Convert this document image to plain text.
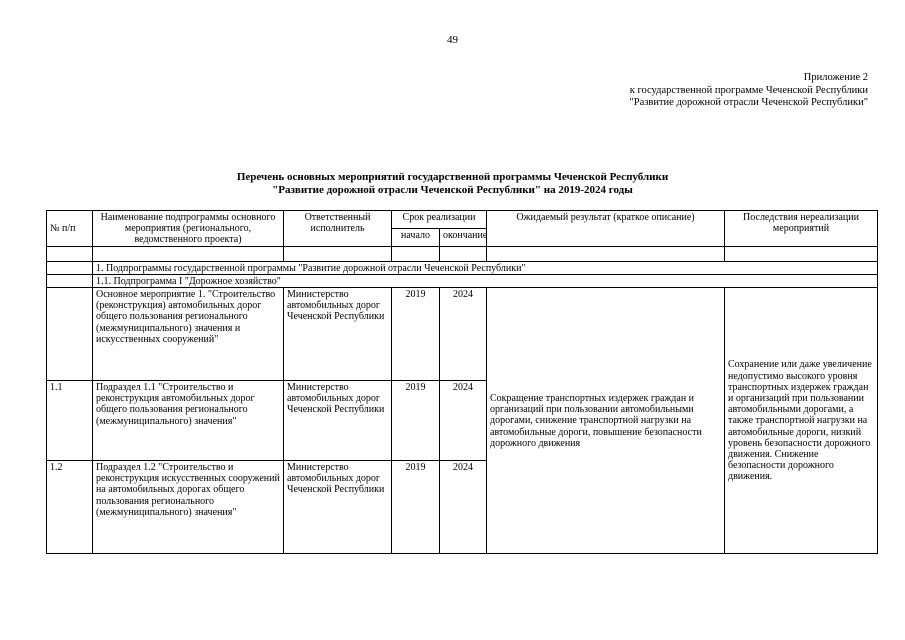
49
Приложение 2
к государственной программе Чеченской Республики
"Развитие дорожной отрасли Чеченской Республики"
Перечень основных мероприятий государственной программы Чеченской Республики
"Развитие дорожной отрасли Чеченской Республики" на 2019-2024 годы
№ п/п	Наименование подпрограммы основного мероприятия (регионального, ведомственного проекта)	Ответственный исполнитель	Срок реализации		Ожидаемый результат (краткое описание)	Последствия нереализации мероприятий
			начало	окончание		

	1. Подпрограммы государственной программы "Развитие дорожной отрасли Чеченской Республики"					
	1.1. Подпрограмма I "Дорожное хозяйство"					
	Основное мероприятие 1. "Строительство (реконструкция) автомобильных дорог общего пользования регионального (межмуниципального) значения и искусственных сооружений"	Министерство автомобильных дорог Чеченской Республики	2019	2024	Сокращение транспортных издержек граждан и организаций при пользовании автомобильными дорогами, снижение транспортной нагрузки на автомобильные дороги, повышение безопасности дорожного движения	Сохранение или даже увеличение недопустимо высокого уровня транспортных издержек граждан и организаций при пользовании автомобильными дорогами, а также транспортной нагрузки на автомобильные дороги, низкий уровень безопасности дорожного движения. Снижение безопасности дорожного движения.
1.1	Подраздел 1.1 "Строительство и реконструкция автомобильных дорог общего пользования регионального (межмуниципального) значения"	Министерство автомобильных дорог Чеченской Республики	2019	2024		
1.2	Подраздел 1.2 "Строительство и реконструкция искусственных сооружений на автомобильных дорогах общего пользования регионального (межмуниципального) значения"	Министерство автомобильных дорог Чеченской Республики	2019	2024		
